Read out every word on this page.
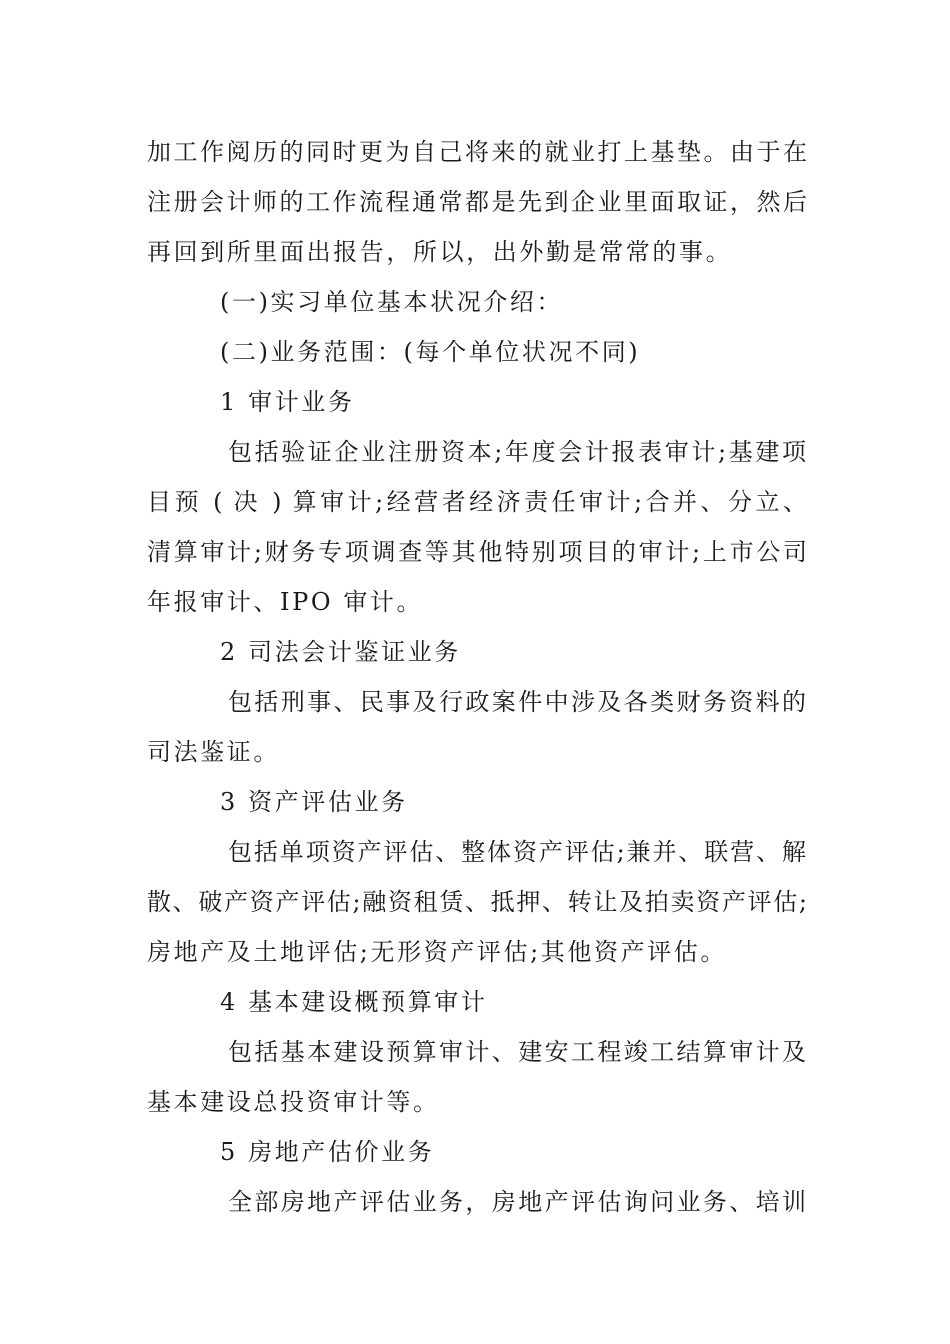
加工作阅历的同时更为自己将来的就业打上基垫。由于在
注册会计师的工作流程通常都是先到企业里面取证，然后
再回到所里面出报告，所以，出外勤是常常的事。
(一)实习单位基本状况介绍：
(二)业务范围：(每个单位状况不同)
1 审计业务
包括验证企业注册资本;年度会计报表审计;基建项
目预 ( 决 ) 算审计;经营者经济责任审计;合并、分立、
清算审计;财务专项调查等其他特别项目的审计;上市公司
年报审计、IPO 审计。
2 司法会计鉴证业务
包括刑事、民事及行政案件中涉及各类财务资料的
司法鉴证。
3 资产评估业务
包括单项资产评估、整体资产评估;兼并、联营、解
散、破产资产评估;融资租赁、抵押、转让及拍卖资产评估;
房地产及土地评估;无形资产评估;其他资产评估。
4 基本建设概预算审计
包括基本建设预算审计、建安工程竣工结算审计及
基本建设总投资审计等。
5 房地产估价业务
全部房地产评估业务，房地产评估询问业务、培训
